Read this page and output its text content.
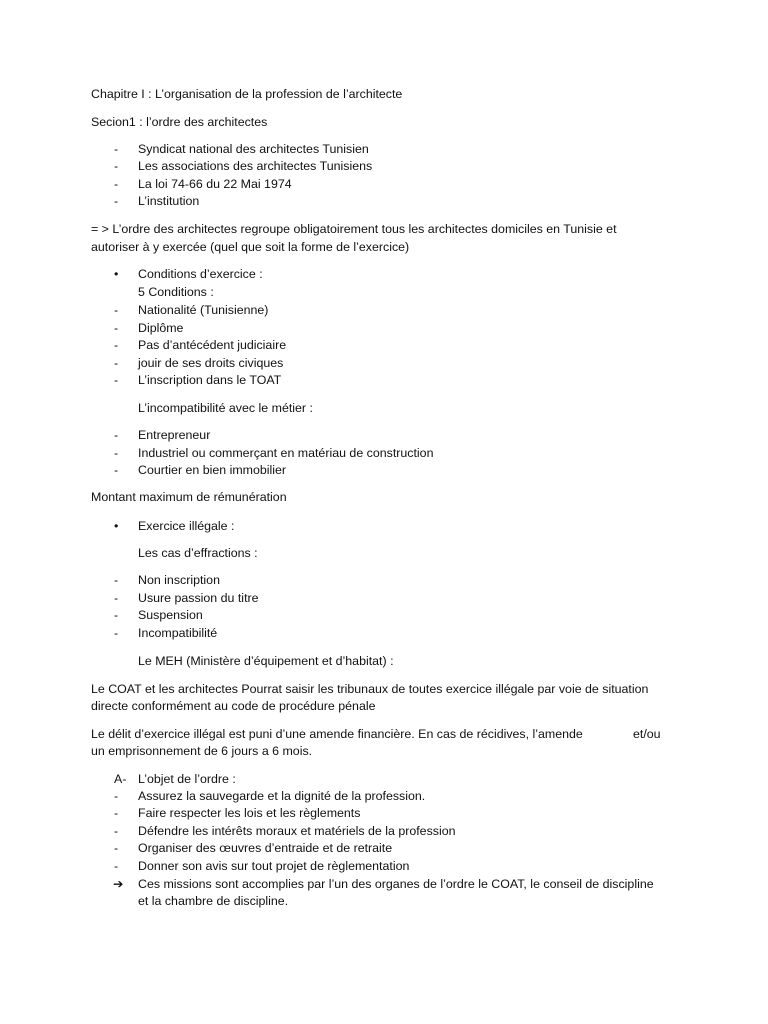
Chapitre I : L’organisation de la profession de l’architecte
Secion1 : l’ordre des architectes
- Syndicat national des architectes Tunisien
- Les associations des architectes Tunisiens
- La loi 74-66 du 22 Mai 1974
- L’institution
= > L’ordre des architectes regroupe obligatoirement tous les architectes domiciles en Tunisie et
autoriser à y exercée (quel que soit la forme de l’exercice)
• Conditions d’exercice :
5 Conditions :
- Nationalité (Tunisienne)
- Diplôme
- Pas d’antécédent judiciaire
- jouir de ses droits civiques
- L’inscription dans le TOAT
L’incompatibilité avec le métier :
- Entrepreneur
- Industriel ou commerçant en matériau de construction
- Courtier en bien immobilier
Montant maximum de rémunération
• Exercice illégale :
Les cas d’effractions :
- Non inscription
- Usure passion du titre
- Suspension
- Incompatibilité
Le MEH (Ministère d’équipement et d’habitat) :
Le COAT et les architectes Pourrat saisir les tribunaux de toutes exercice illégale par voie de situation
directe conformément au code de procédure pénale
Le délit d’exercice illégal est puni d’une amende financière. En cas de récidives, l’amende	et/ou
un emprisonnement de 6 jours a 6 mois.
A- L’objet de l’ordre :
- Assurez la sauvegarde et la dignité de la profession.
- Faire respecter les lois et les règlements
- Défendre les intérêts moraux et matériels de la profession
- Organiser des œuvres d’entraide et de retraite
- Donner son avis sur tout projet de règlementation
➔ Ces missions sont accomplies par l’un des organes de l’ordre le COAT, le conseil de discipline
et la chambre de discipline.
